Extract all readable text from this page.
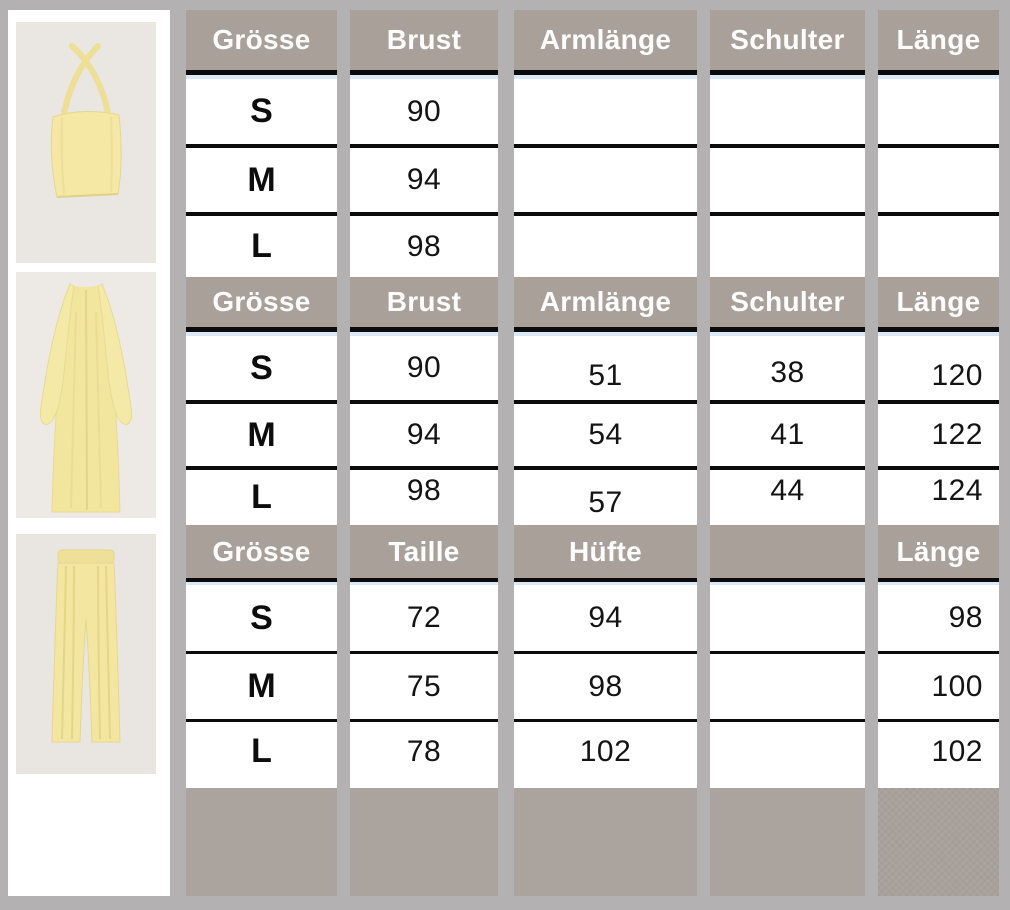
Grösse
S
M
L
Grösse
S
M
L
Grösse
S
M
L
Brust
90
94
98
Brust
90
94
98
Taille
72
75
78
Armlänge
Armlänge
51
54
57
Hüfte
94
98
102
Schulter
Schulter
38
41
44
Länge
Länge
120
122
124
Länge
98
100
102
